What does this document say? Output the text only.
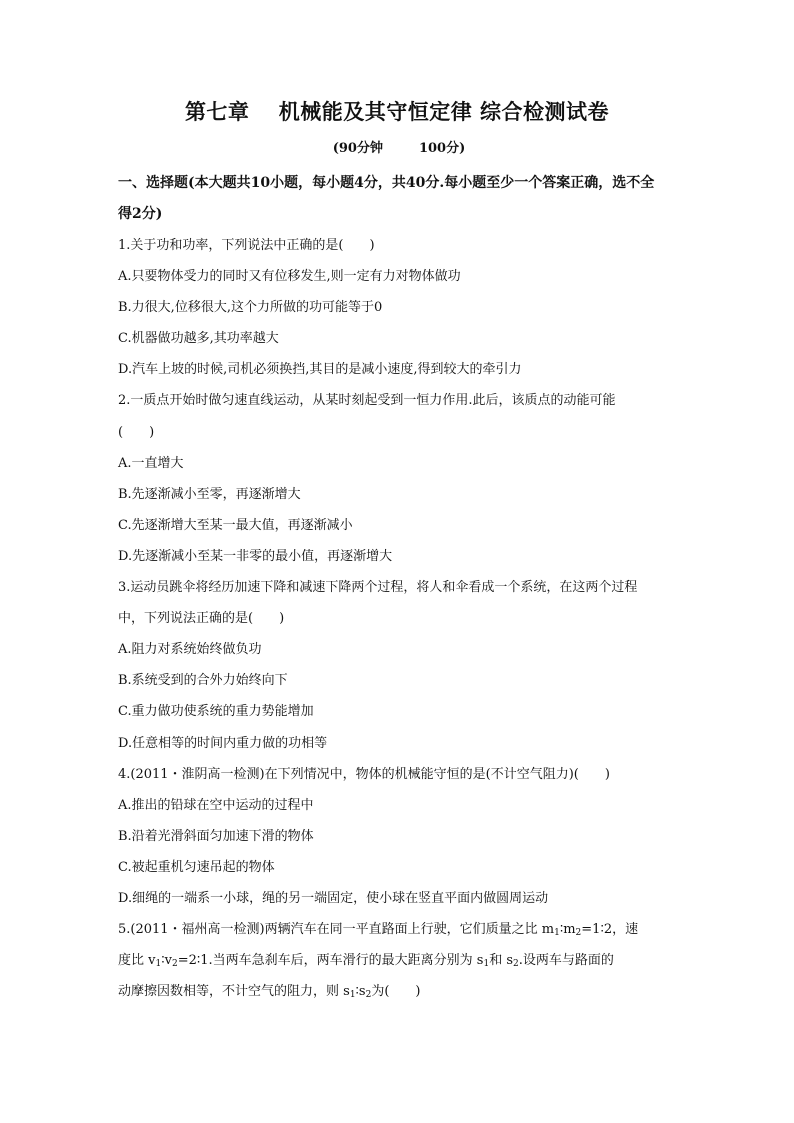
第七章　 机械能及其守恒定律 综合检测试卷
(90分钟	100分)
一、选择题(本大题共10小题，每小题4分，共40分.每小题至少一个答案正确，选不全
得2分)
1.关于功和功率，下列说法中正确的是(　　)
A.只要物体受力的同时又有位移发生,则一定有力对物体做功
B.力很大,位移很大,这个力所做的功可能等于0
C.机器做功越多,其功率越大
D.汽车上坡的时候,司机必须换挡,其目的是减小速度,得到较大的牵引力
2.一质点开始时做匀速直线运动，从某时刻起受到一恒力作用.此后，该质点的动能可能
(　　)
A.一直增大
B.先逐渐减小至零，再逐渐增大
C.先逐渐增大至某一最大值，再逐渐减小
D.先逐渐减小至某一非零的最小值，再逐渐增大
3.运动员跳伞将经历加速下降和减速下降两个过程，将人和伞看成一个系统，在这两个过程
中，下列说法正确的是(　　)
A.阻力对系统始终做负功
B.系统受到的合外力始终向下
C.重力做功使系统的重力势能增加
D.任意相等的时间内重力做的功相等
4.(2011・淮阴高一检测)在下列情况中，物体的机械能守恒的是(不计空气阻力)(　　)
A.推出的铅球在空中运动的过程中
B.沿着光滑斜面匀加速下滑的物体
C.被起重机匀速吊起的物体
D.细绳的一端系一小球，绳的另一端固定，使小球在竖直平面内做圆周运动
5.(2011・福州高一检测)两辆汽车在同一平直路面上行驶，它们质量之比 $m_1∶m_2=1∶2$，速
度比 $v_1∶v_2=2∶1$.当两车急刹车后，两车滑行的最大距离分别为 $s_1$和 $s_2$.设两车与路面的
动摩擦因数相等，不计空气的阻力，则 $s_1∶s_2$为(　　)
